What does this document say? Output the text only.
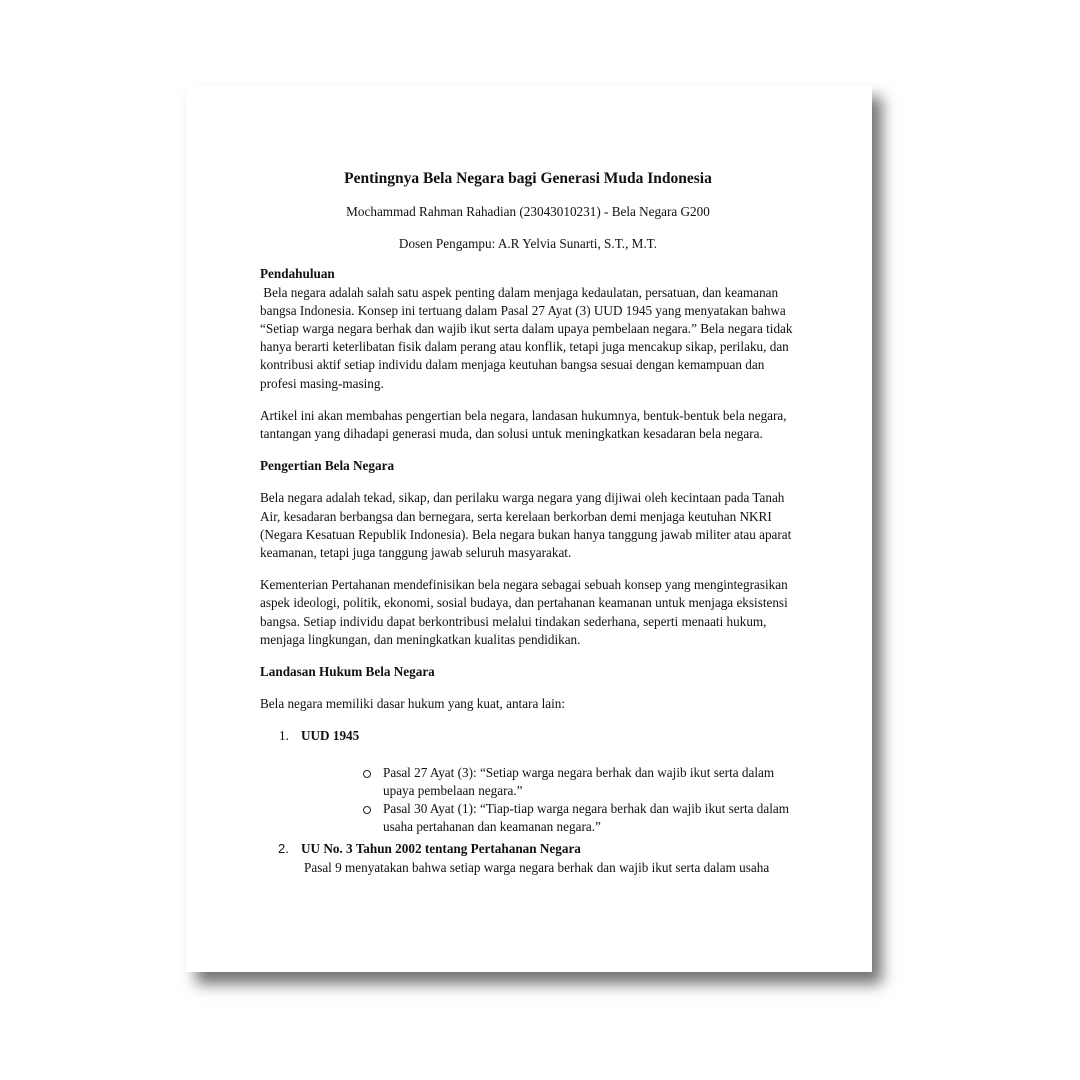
Pentingnya Bela Negara bagi Generasi Muda Indonesia
Mochammad Rahman Rahadian (23043010231) - Bela Negara G200
Dosen Pengampu: A.R Yelvia Sunarti, S.T., M.T.
Pendahuluan

Bela negara adalah salah satu aspek penting dalam menjaga kedaulatan, persatuan, dan keamanan bangsa Indonesia. Konsep ini tertuang dalam Pasal 27 Ayat (3) UUD 1945 yang menyatakan bahwa “Setiap warga negara berhak dan wajib ikut serta dalam upaya pembelaan negara.” Bela negara tidak hanya berarti keterlibatan fisik dalam perang atau konflik, tetapi juga mencakup sikap, perilaku, dan kontribusi aktif setiap individu dalam menjaga keutuhan bangsa sesuai dengan kemampuan dan profesi masing-masing.

Artikel ini akan membahas pengertian bela negara, landasan hukumnya, bentuk-bentuk bela negara, tantangan yang dihadapi generasi muda, dan solusi untuk meningkatkan kesadaran bela negara.

Pengertian Bela Negara

Bela negara adalah tekad, sikap, dan perilaku warga negara yang dijiwai oleh kecintaan pada Tanah Air, kesadaran berbangsa dan bernegara, serta kerelaan berkorban demi menjaga keutuhan NKRI (Negara Kesatuan Republik Indonesia). Bela negara bukan hanya tanggung jawab militer atau aparat keamanan, tetapi juga tanggung jawab seluruh masyarakat.

Kementerian Pertahanan mendefinisikan bela negara sebagai sebuah konsep yang mengintegrasikan aspek ideologi, politik, ekonomi, sosial budaya, dan pertahanan keamanan untuk menjaga eksistensi bangsa. Setiap individu dapat berkontribusi melalui tindakan sederhana, seperti menaati hukum, menjaga lingkungan, dan meningkatkan kualitas pendidikan.

Landasan Hukum Bela Negara

Bela negara memiliki dasar hukum yang kuat, antara lain:

1. UUD 1945
Pasal 27 Ayat (3): “Setiap warga negara berhak dan wajib ikut serta dalam upaya pembelaan negara.”
Pasal 30 Ayat (1): “Tiap-tiap warga negara berhak dan wajib ikut serta dalam usaha pertahanan dan keamanan negara.”
2. UU No. 3 Tahun 2002 tentang Pertahanan Negara
Pasal 9 menyatakan bahwa setiap warga negara berhak dan wajib ikut serta dalam usaha
